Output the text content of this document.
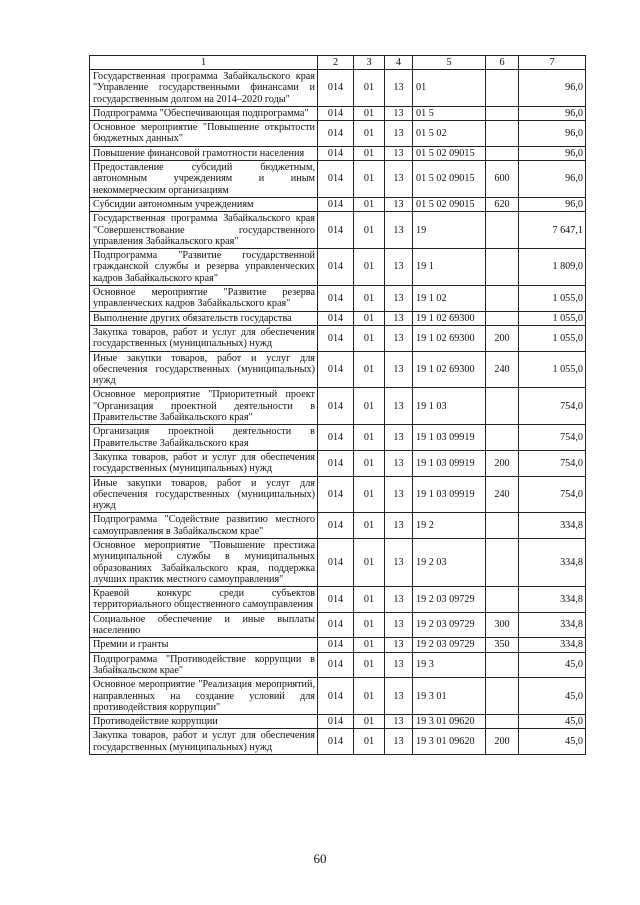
1	2	3	4	5	6	7
Государственная программа Забайкальского края "Управление государственными финансами и государственным долгом на 2014–2020 годы"	014	01	13	01		96,0
Подпрограмма "Обеспечивающая подпрограмма"	014	01	13	01 5		96,0
Основное мероприятие "Повышение открытости бюджетных данных"	014	01	13	01 5 02		96,0
Повышение финансовой грамотности населения	014	01	13	01 5 02 09015		96,0
Предоставление субсидий бюджетным, автономным учреждениям и иным некоммерческим организациям	014	01	13	01 5 02 09015	600	96,0
Субсидии автономным учреждениям	014	01	13	01 5 02 09015	620	96,0
Государственная программа Забайкальского края "Совершенствование государственного управления Забайкальского края"	014	01	13	19		7 647,1
Подпрограмма "Развитие государственной гражданской службы и резерва управленческих кадров Забайкальского края"	014	01	13	19 1		1 809,0
Основное мероприятие "Развитие резерва управленческих кадров Забайкальского края"	014	01	13	19 1 02		1 055,0
Выполнение других обязательств государства	014	01	13	19 1 02 69300		1 055,0
Закупка товаров, работ и услуг для обеспечения государственных (муниципальных) нужд	014	01	13	19 1 02 69300	200	1 055,0
Иные закупки товаров, работ и услуг для обеспечения государственных (муниципальных) нужд	014	01	13	19 1 02 69300	240	1 055,0
Основное мероприятие "Приоритетный проект "Организация проектной деятельности в Правительстве Забайкальского края"	014	01	13	19 1 03		754,0
Организация проектной деятельности в Правительстве Забайкальского края	014	01	13	19 1 03 09919		754,0
Закупка товаров, работ и услуг для обеспечения государственных (муниципальных) нужд	014	01	13	19 1 03 09919	200	754,0
Иные закупки товаров, работ и услуг для обеспечения государственных (муниципальных) нужд	014	01	13	19 1 03 09919	240	754,0
Подпрограмма "Содействие развитию местного самоуправления в Забайкальском крае"	014	01	13	19 2		334,8
Основное мероприятие "Повышение престижа муниципальной службы в муниципальных образованиях Забайкальского края, поддержка лучших практик местного самоуправления"	014	01	13	19 2 03		334,8
Краевой конкурс среди субъектов территориального общественного самоуправления	014	01	13	19 2 03 09729		334,8
Социальное обеспечение и иные выплаты населению	014	01	13	19 2 03 09729	300	334,8
Премии и гранты	014	01	13	19 2 03 09729	350	334,8
Подпрограмма "Противодействие коррупции в Забайкальском крае"	014	01	13	19 3		45,0
Основное мероприятие "Реализация мероприятий, направленных на создание условий для противодействия коррупции"	014	01	13	19 3 01		45,0
Противодействие коррупции	014	01	13	19 3 01 09620		45,0
Закупка товаров, работ и услуг для обеспечения государственных (муниципальных) нужд	014	01	13	19 3 01 09620	200	45,0
60
